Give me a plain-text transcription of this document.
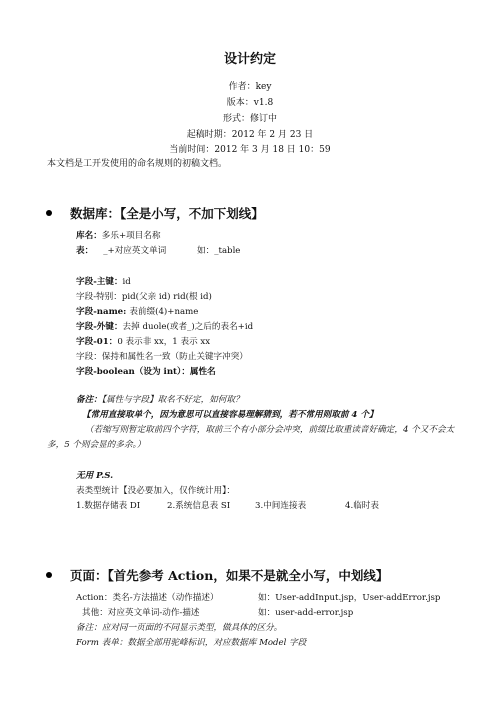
设计约定
作者：key
版本：v1.8
形式：修订中
起稿时期：2012 年 2 月 23 日
当前时间：2012 年 3 月 18 日 10：59
本文档是工开发使用的命名规则的初稿文档。
数据库：【全是小写，不加下划线】
库名：多乐+项目名称
表： _+对应英文单词	如：_table
字段-主键：id
字段-特别：pid(父亲 id) rid(根 id)
字段-name: 表前缀(4)+name
字段-外键：去掉 duole(或者_)之后的表名+id
字段-01：0 表示非 xx，1 表示 xx
字段：保持和属性名一致（防止关键字冲突）
字段-boolean（设为 int）：属性名
备注：【属性与字段】取名不好定，如何取？
【常用直接取单个，因为意思可以直接容易理解猜到，若不常用则取前 4 个】
（若缩写则暂定取前四个字符，取前三个有小部分会冲突，前缀比取重读音好确定，4 个又不会太多，5 个则会显的多余。）
无用 P.S.
表类型统计【没必要加入，仅作统计用】：
1.数据存储表 DI	2.系统信息表 SI	3.中间连接表	4.临时表
页面：【首先参考 Action，如果不是就全小写，中划线】
Action：类名-方法描述（动作描述）	如：User-addInput.jsp，User-addError.jsp
其他：对应英文单词-动作-描述	如：user-add-error.jsp
备注：应对同一页面的不同显示类型，做具体的区分。
Form 表单：数据全部用驼峰标识，对应数据库 Model 字段
